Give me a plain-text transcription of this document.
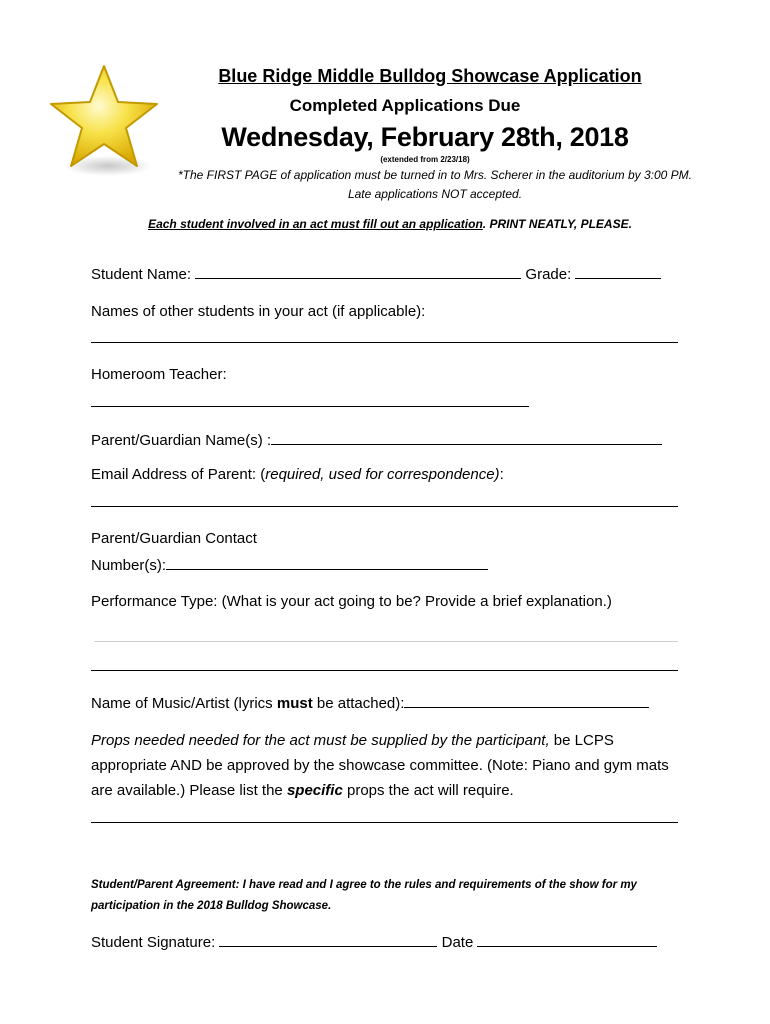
Blue Ridge Middle Bulldog Showcase Application
Completed Applications Due
Wednesday, February 28th, 2018
(extended from 2/23/18)
*The FIRST PAGE of application must be turned in to Mrs. Scherer in the auditorium by 3:00 PM. Late applications NOT accepted.
Each student involved in an act must fill out an application. PRINT NEATLY, PLEASE.
Student Name:	Grade:
Names of other students in your act (if applicable):
Homeroom Teacher:
Parent/Guardian Name(s) :
Email Address of Parent: (required, used for correspondence):
Parent/Guardian Contact
Number(s):
Performance Type: (What is your act going to be? Provide a brief explanation.)
Name of Music/Artist (lyrics must be attached):
Props needed needed for the act must be supplied by the participant, be LCPS appropriate AND be approved by the showcase committee. (Note: Piano and gym mats are available.) Please list the specific props the act will require.
Student/Parent Agreement: I have read and I agree to the rules and requirements of the show for my participation in the 2018 Bulldog Showcase.
Student Signature:	Date
